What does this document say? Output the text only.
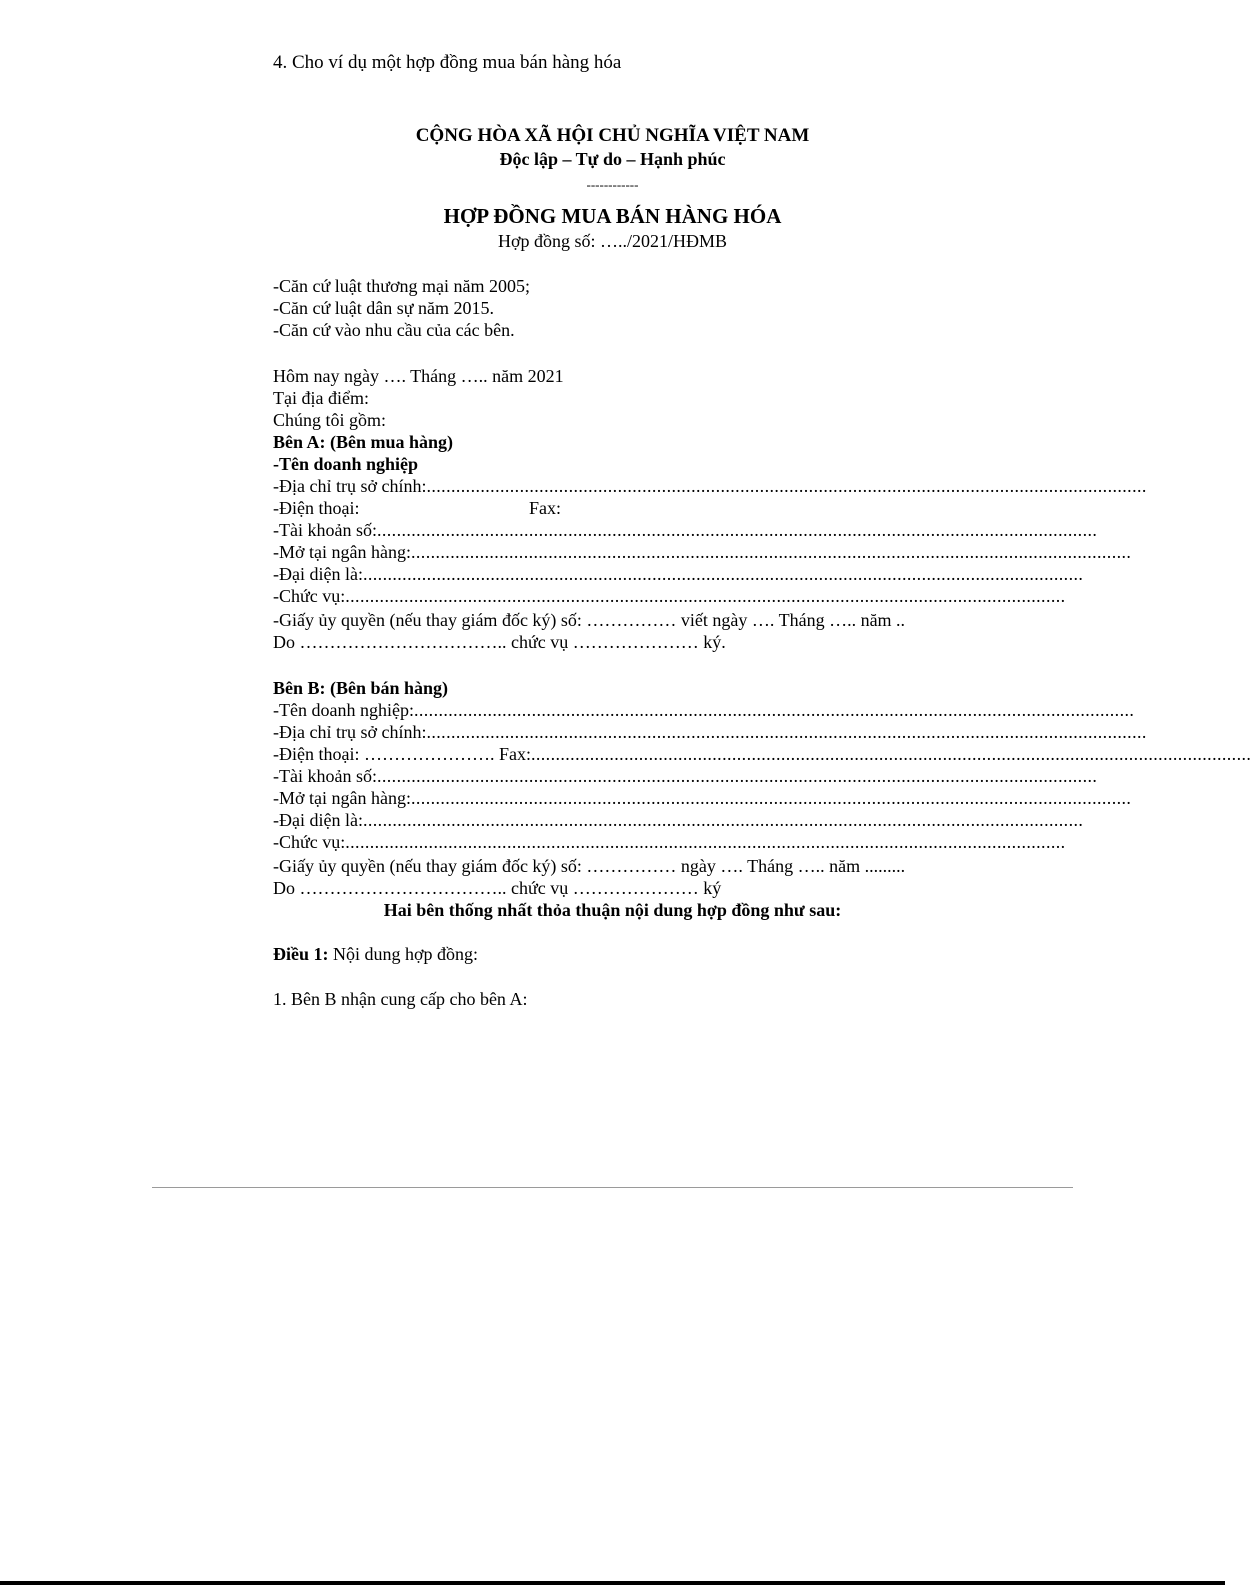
4. Cho ví dụ một hợp đồng mua bán hàng hóa
CỘNG HÒA XÃ HỘI CHỦ NGHĨA VIỆT NAM
Độc lập – Tự do – Hạnh phúc
------------
HỢP ĐỒNG MUA BÁN HÀNG HÓA
Hợp đồng số: …../2021/HĐMB
-Căn cứ luật thương mại năm 2005;
-Căn cứ luật dân sự năm 2015.
-Căn cứ vào nhu cầu của các bên.
Hôm nay ngày …. Tháng ….. năm 2021
Tại địa điểm:
Chúng tôi gồm:
Bên A: (Bên mua hàng)
-Tên doanh nghiệp
-Địa chỉ trụ sở chính: ...................................................................................................................................................
-Điện thoại:	Fax:
-Tài khoản số: ...................................................................................................................................................
-Mở tại ngân hàng: ...................................................................................................................................................
-Đại diện là: ...................................................................................................................................................
-Chức vụ: ...................................................................................................................................................
-Giấy ủy quyền (nếu thay giám đốc ký) số: …………… viết ngày …. Tháng ….. năm ..
Do …………………………….. chức vụ ………………… ký.
Bên B: (Bên bán hàng)
-Tên doanh nghiệp: ...................................................................................................................................................
-Địa chỉ trụ sở chính: ...................................................................................................................................................
-Điện thoại: …………………. Fax: ...................................................................................................................................................
-Tài khoản số: ...................................................................................................................................................
-Mở tại ngân hàng: ...................................................................................................................................................
-Đại diện là: ...................................................................................................................................................
-Chức vụ: ...................................................................................................................................................
-Giấy ủy quyền (nếu thay giám đốc ký) số: …………… ngày …. Tháng ….. năm .........
Do …………………………….. chức vụ ………………… ký
Hai bên thống nhất thỏa thuận nội dung hợp đồng như sau:
Điều 1: Nội dung hợp đồng:
1. Bên B nhận cung cấp cho bên A:
